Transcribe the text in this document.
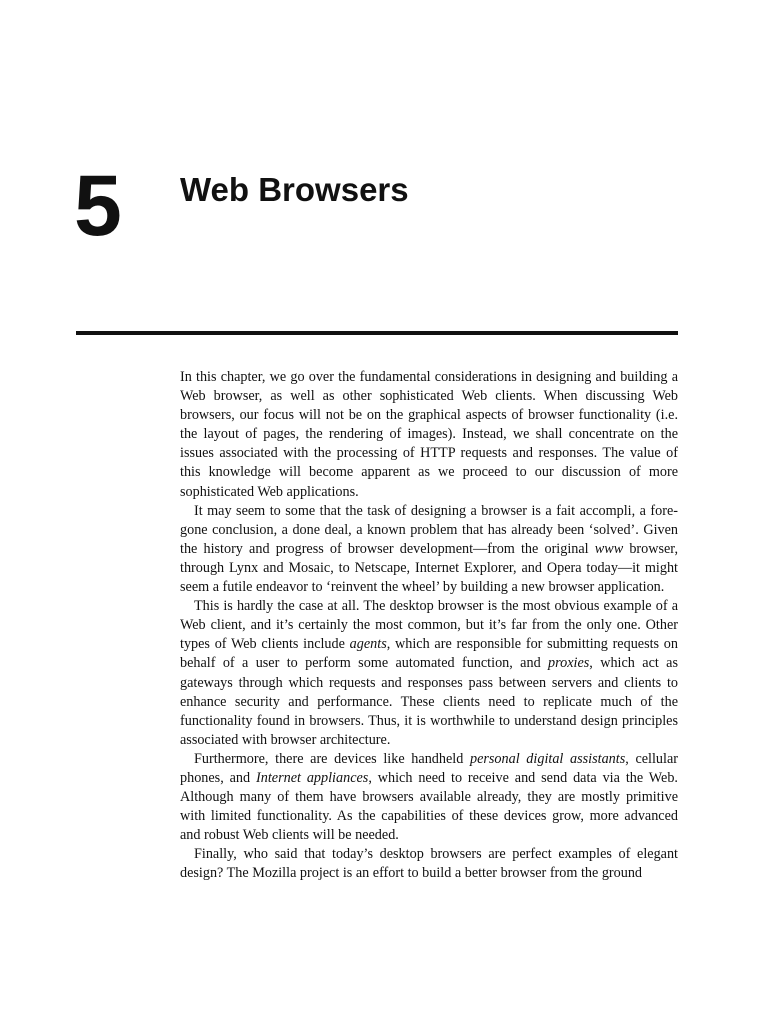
5 Web Browsers

In this chapter, we go over the fundamental considerations in designing and building a Web browser, as well as other sophisticated Web clients. When discussing Web browsers, our focus will not be on the graphical aspects of browser functionality (i.e. the layout of pages, the rendering of images). Instead, we shall concentrate on the issues associated with the processing of HTTP requests and responses. The value of this knowledge will become apparent as we proceed to our discussion of more sophisticated Web applications.

It may seem to some that the task of designing a browser is a fait accompli, a foregone conclusion, a done deal, a known problem that has already been ‘solved’. Given the history and progress of browser development—from the original www browser, through Lynx and Mosaic, to Netscape, Internet Explorer, and Opera today—it might seem a futile endeavor to ‘reinvent the wheel’ by building a new browser application.

This is hardly the case at all. The desktop browser is the most obvious example of a Web client, and it’s certainly the most common, but it’s far from the only one. Other types of Web clients include agents, which are responsible for submitting requests on behalf of a user to perform some automated function, and proxies, which act as gateways through which requests and responses pass between servers and clients to enhance security and performance. These clients need to replicate much of the functionality found in browsers. Thus, it is worthwhile to understand design principles associated with browser architecture.

Furthermore, there are devices like handheld personal digital assistants, cellular phones, and Internet appliances, which need to receive and send data via the Web. Although many of them have browsers available already, they are mostly primitive with limited functionality. As the capabilities of these devices grow, more advanced and robust Web clients will be needed.

Finally, who said that today’s desktop browsers are perfect examples of elegant design? The Mozilla project is an effort to build a better browser from the ground
